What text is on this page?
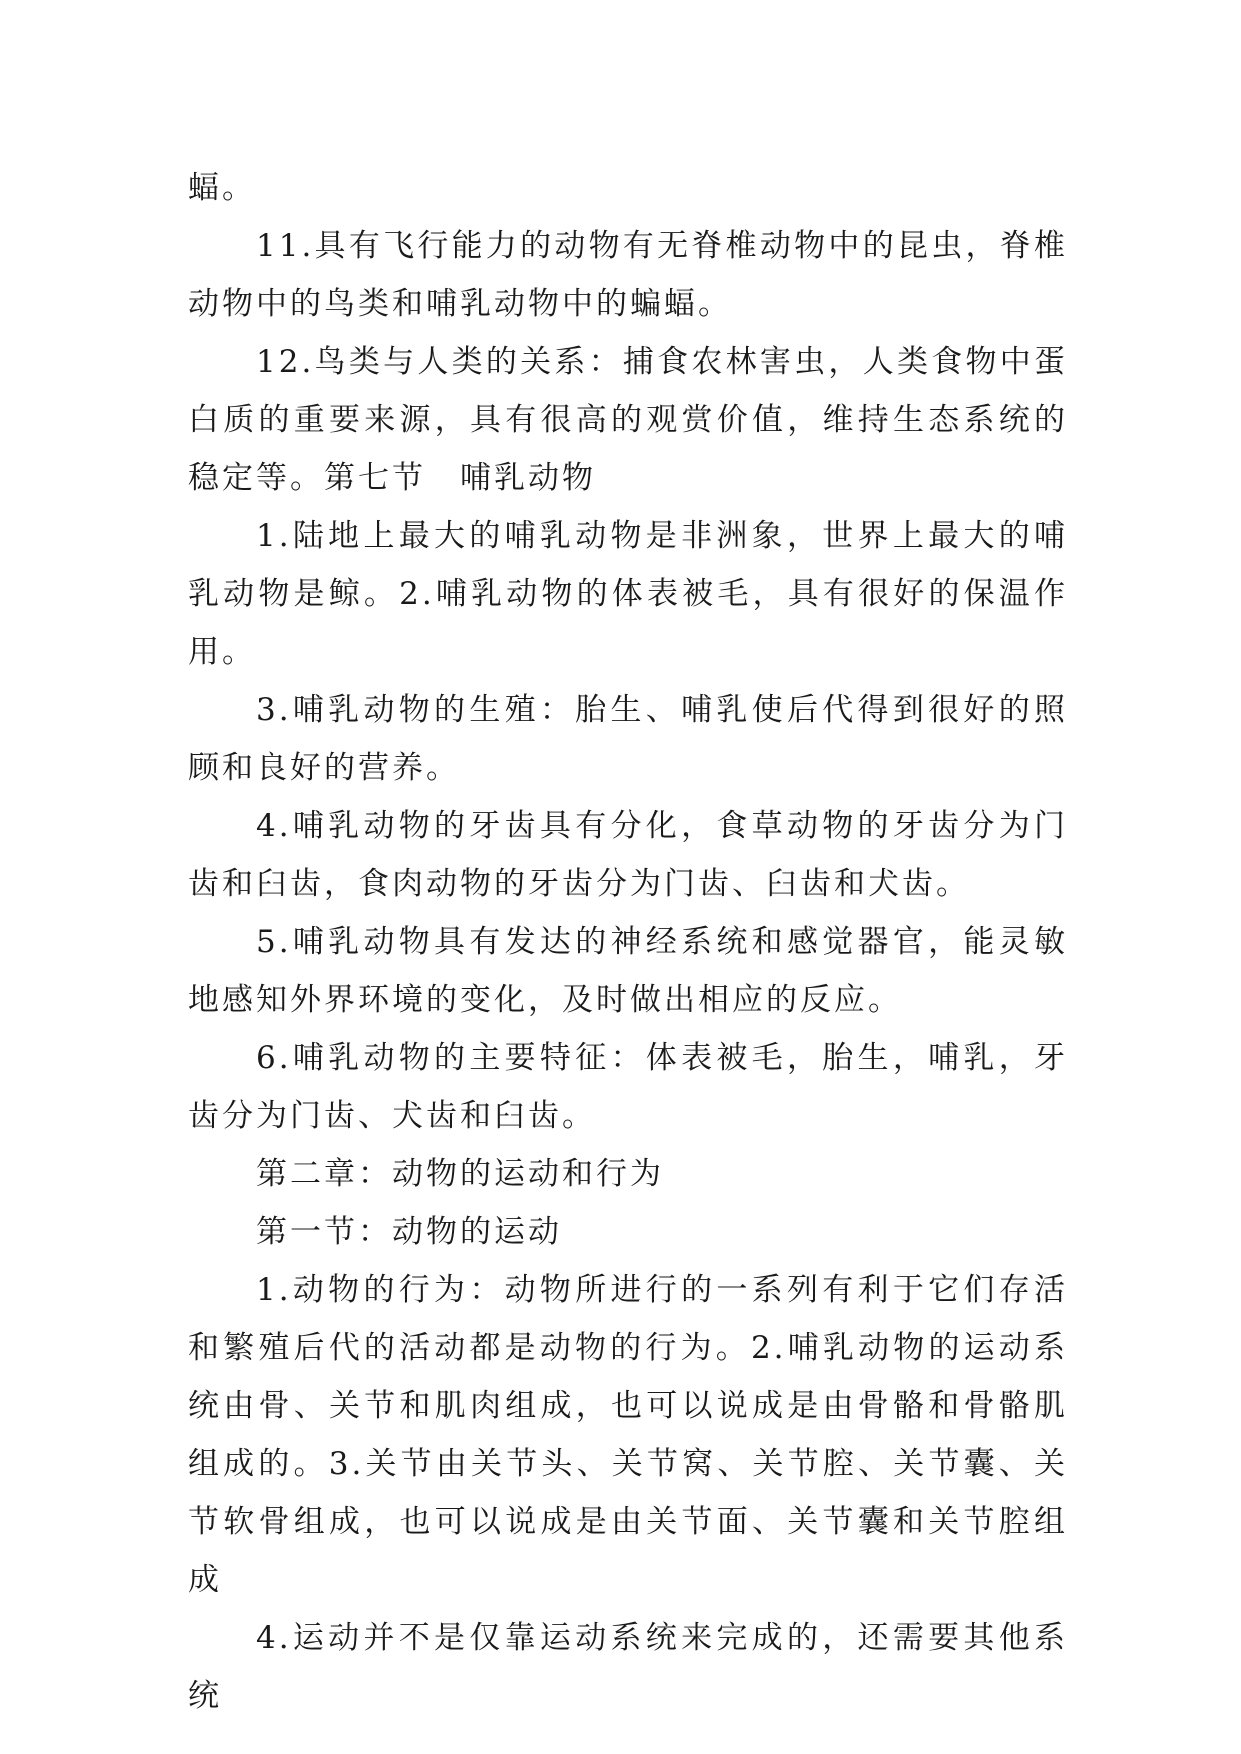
蝠。

11.具有飞行能力的动物有无脊椎动物中的昆虫，脊椎动物中的鸟类和哺乳动物中的蝙蝠。

12.鸟类与人类的关系：捕食农林害虫，人类食物中蛋白质的重要来源，具有很高的观赏价值，维持生态系统的稳定等。第七节　哺乳动物

1.陆地上最大的哺乳动物是非洲象，世界上最大的哺乳动物是鲸。2.哺乳动物的体表被毛，具有很好的保温作用。

3.哺乳动物的生殖：胎生、哺乳使后代得到很好的照顾和良好的营养。

4.哺乳动物的牙齿具有分化，食草动物的牙齿分为门齿和臼齿，食肉动物的牙齿分为门齿、臼齿和犬齿。

5.哺乳动物具有发达的神经系统和感觉器官，能灵敏地感知外界环境的变化，及时做出相应的反应。

6.哺乳动物的主要特征：体表被毛，胎生，哺乳，牙齿分为门齿、犬齿和臼齿。

第二章：动物的运动和行为

第一节：动物的运动

1.动物的行为：动物所进行的一系列有利于它们存活和繁殖后代的活动都是动物的行为。2.哺乳动物的运动系统由骨、关节和肌肉组成，也可以说成是由骨骼和骨骼肌组成的。3.关节由关节头、关节窝、关节腔、关节囊、关节软骨组成，也可以说成是由关节面、关节囊和关节腔组成

4.运动并不是仅靠运动系统来完成的，还需要其他系统
